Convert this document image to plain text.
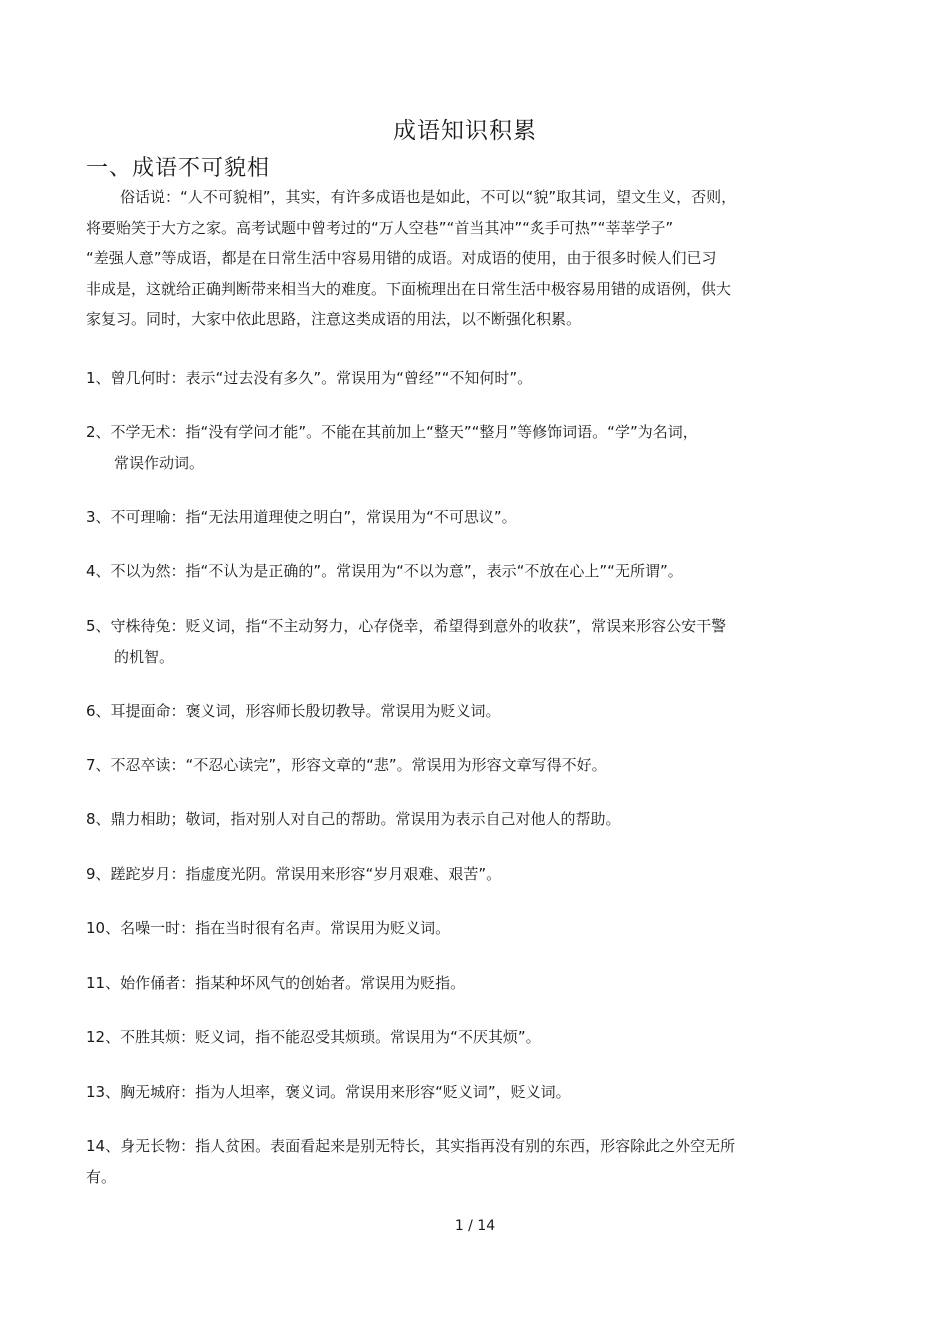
成语知识积累
一、成语不可貌相
俗话说：“人不可貌相”，其实，有许多成语也是如此，不可以“貌”取其词，望文生义，否则，
将要贻笑于大方之家。高考试题中曾考过的“万人空巷”“首当其冲”“炙手可热”“莘莘学子”
“差强人意”等成语，都是在日常生活中容易用错的成语。对成语的使用，由于很多时候人们已习
非成是，这就给正确判断带来相当大的难度。下面梳理出在日常生活中极容易用错的成语例，供大
家复习。同时，大家中依此思路，注意这类成语的用法，以不断强化积累。
1、曾几何时：表示“过去没有多久”。常误用为“曾经”“不知何时”。
2、不学无术：指“没有学问才能”。不能在其前加上“整天”“整月”等修饰词语。“学”为名词，
常误作动词。
3、不可理喻：指“无法用道理使之明白”，常误用为“不可思议”。
4、不以为然：指“不认为是正确的”。常误用为“不以为意”，表示“不放在心上”“无所谓”。
5、守株待兔：贬义词，指“不主动努力，心存侥幸，希望得到意外的收获”，常误来形容公安干警
的机智。
6、耳提面命：褒义词，形容师长殷切教导。常误用为贬义词。
7、不忍卒读：“不忍心读完”，形容文章的“悲”。常误用为形容文章写得不好。
8、鼎力相助；敬词，指对别人对自己的帮助。常误用为表示自己对他人的帮助。
9、蹉跎岁月：指虚度光阴。常误用来形容“岁月艰难、艰苦”。
10、名噪一时：指在当时很有名声。常误用为贬义词。
11、始作俑者：指某种坏风气的创始者。常误用为贬指。
12、不胜其烦：贬义词，指不能忍受其烦琐。常误用为“不厌其烦”。
13、胸无城府：指为人坦率，褒义词。常误用来形容“贬义词”，贬义词。
14、身无长物：指人贫困。表面看起来是别无特长，其实指再没有别的东西，形容除此之外空无所
有。
1 / 14
